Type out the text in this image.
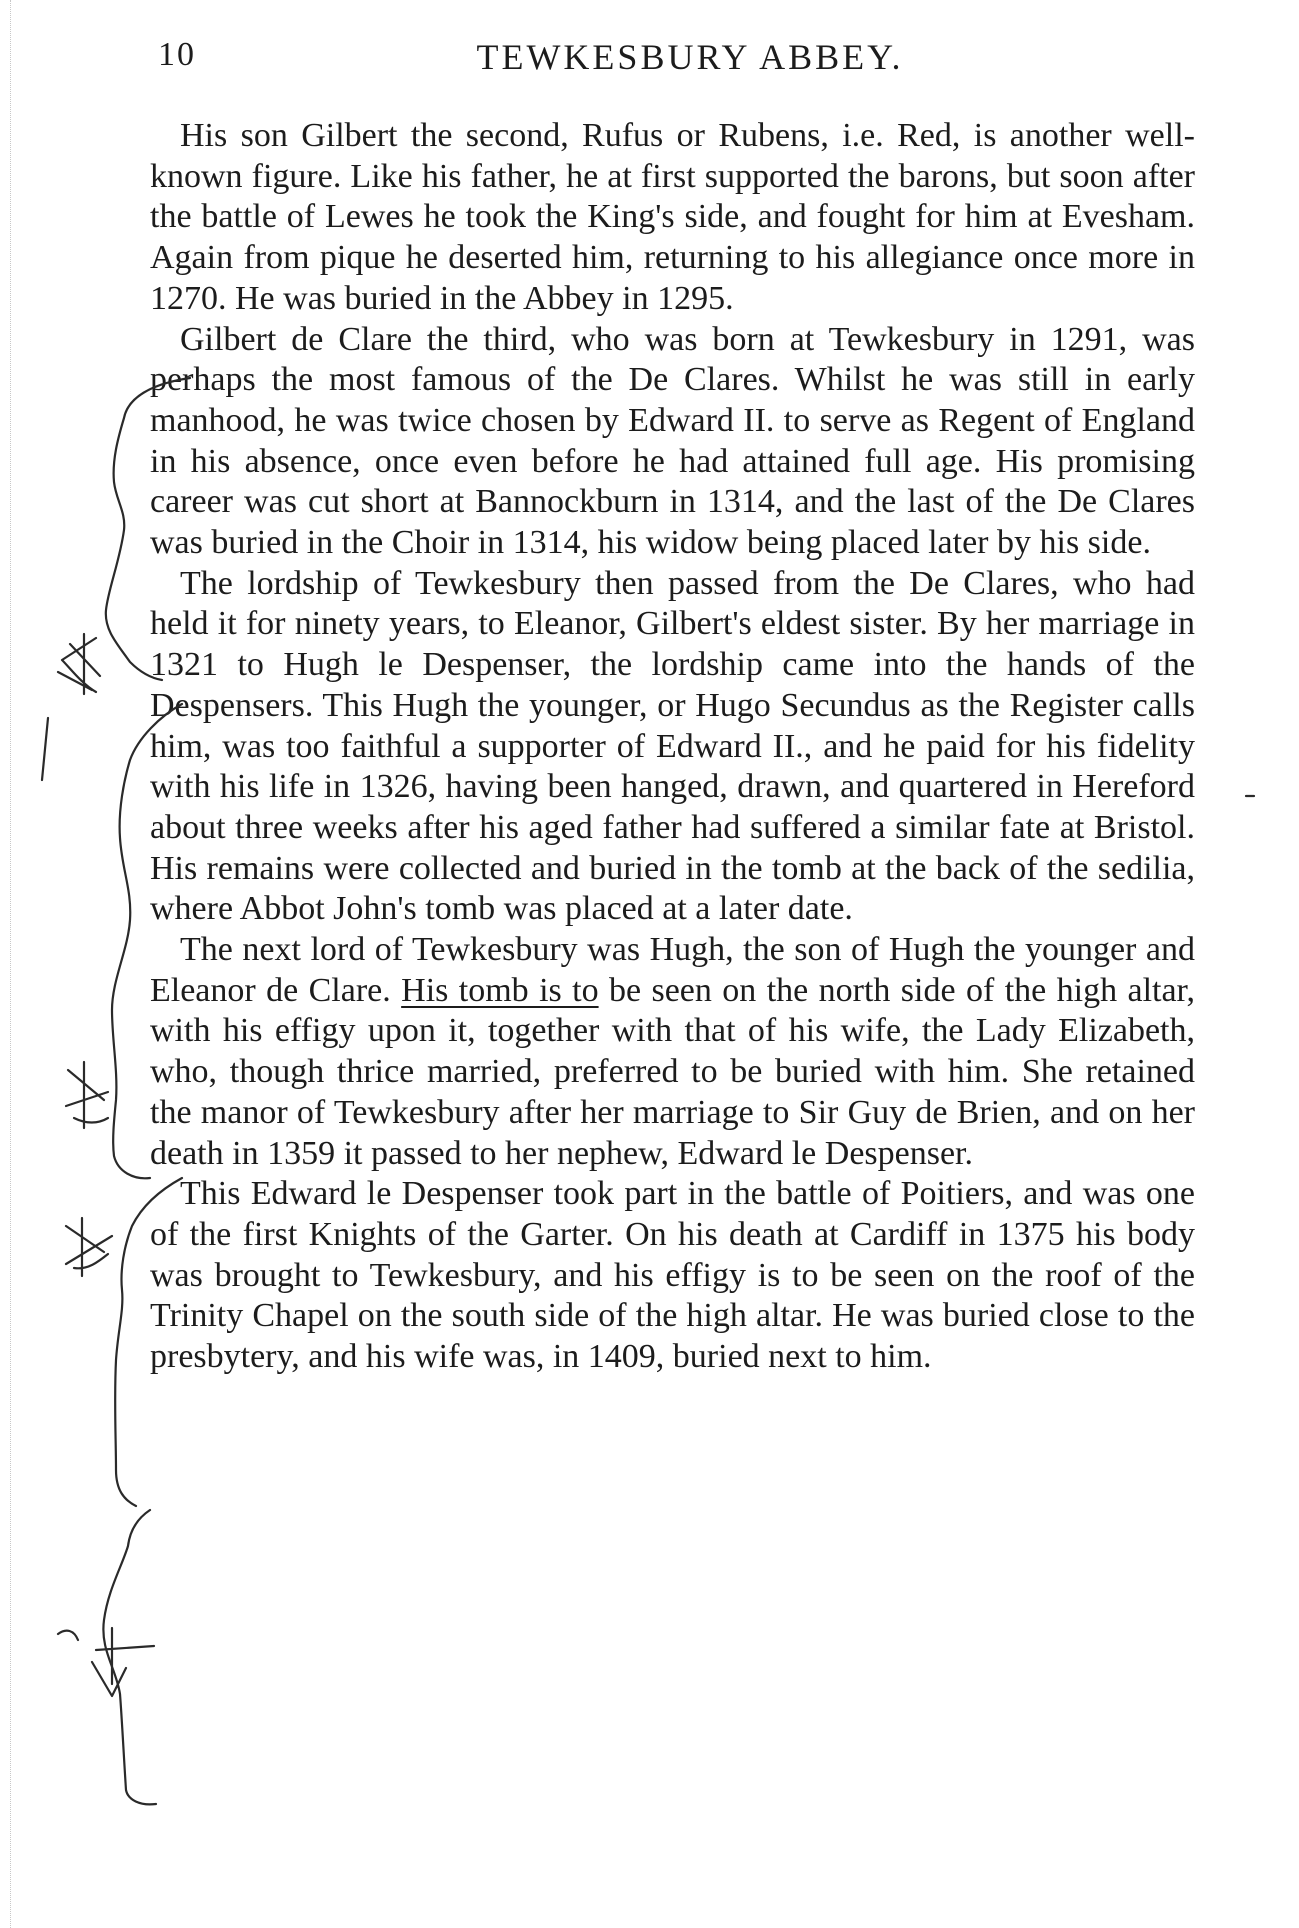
10	TEWKESBURY ABBEY.

His son Gilbert the second, Rufus or Rubens, i.e. Red, is another well-known figure. Like his father, he at first supported the barons, but soon after the battle of Lewes he took the King's side, and fought for him at Evesham. Again from pique he deserted him, returning to his allegiance once more in 1270. He was buried in the Abbey in 1295.

Gilbert de Clare the third, who was born at Tewkesbury in 1291, was perhaps the most famous of the De Clares. Whilst he was still in early manhood, he was twice chosen by Edward II. to serve as Regent of England in his absence, once even before he had attained full age. His promising career was cut short at Bannockburn in 1314, and the last of the De Clares was buried in the Choir in 1314, his widow being placed later by his side.

The lordship of Tewkesbury then passed from the De Clares, who had held it for ninety years, to Eleanor, Gilbert's eldest sister. By her marriage in 1321 to Hugh le Despenser, the lordship came into the hands of the Despensers. This Hugh the younger, or Hugo Secundus as the Register calls him, was too faithful a supporter of Edward II., and he paid for his fidelity with his life in 1326, having been hanged, drawn, and quartered in Hereford about three weeks after his aged father had suffered a similar fate at Bristol. His remains were collected and buried in the tomb at the back of the sedilia, where Abbot John's tomb was placed at a later date.

The next lord of Tewkesbury was Hugh, the son of Hugh the younger and Eleanor de Clare. His tomb is to be seen on the north side of the high altar, with his effigy upon it, together with that of his wife, the Lady Elizabeth, who, though thrice married, preferred to be buried with him. She retained the manor of Tewkesbury after her marriage to Sir Guy de Brien, and on her death in 1359 it passed to her nephew, Edward le Despenser.

This Edward le Despenser took part in the battle of Poitiers, and was one of the first Knights of the Garter. On his death at Cardiff in 1375 his body was brought to Tewkesbury, and his effigy is to be seen on the roof of the Trinity Chapel on the south side of the high altar. He was buried close to the presbytery, and his wife was, in 1409, buried next to him.
